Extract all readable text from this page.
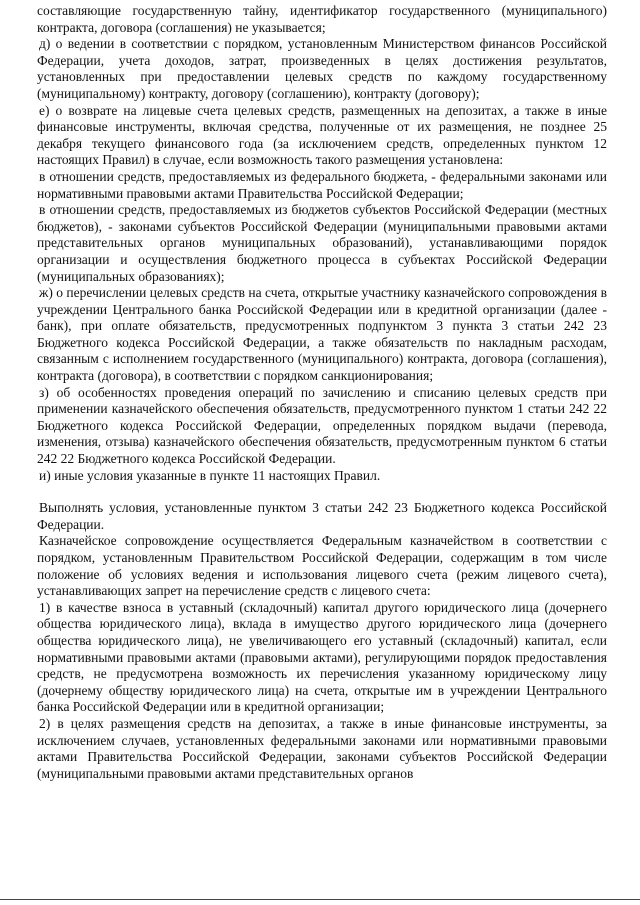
составляющие государственную тайну, идентификатор государственного (муниципального) контракта, договора (соглашения) не указывается;

д) о ведении в соответствии с порядком, установленным Министерством финансов Российской Федерации, учета доходов, затрат, произведенных в целях достижения результатов, установленных при предоставлении целевых средств по каждому государственному (муниципальному) контракту, договору (соглашению), контракту (договору);

е) о возврате на лицевые счета целевых средств, размещенных на депозитах, а также в иные финансовые инструменты, включая средства, полученные от их размещения, не позднее 25 декабря текущего финансового года (за исключением средств, определенных пунктом 12 настоящих Правил) в случае, если возможность такого размещения установлена:

в отношении средств, предоставляемых из федерального бюджета, - федеральными законами или нормативными правовыми актами Правительства Российской Федерации;

в отношении средств, предоставляемых из бюджетов субъектов Российской Федерации (местных бюджетов), - законами субъектов Российской Федерации (муниципальными правовыми актами представительных органов муниципальных образований), устанавливающими порядок организации и осуществления бюджетного процесса в субъектах Российской Федерации (муниципальных образованиях);

ж) о перечислении целевых средств на счета, открытые участнику казначейского сопровождения в учреждении Центрального банка Российской Федерации или в кредитной организации (далее - банк), при оплате обязательств, предусмотренных подпунктом 3 пункта 3 статьи 242 23 Бюджетного кодекса Российской Федерации, а также обязательств по накладным расходам, связанным с исполнением государственного (муниципального) контракта, договора (соглашения), контракта (договора), в соответствии с порядком санкционирования;

з) об особенностях проведения операций по зачислению и списанию целевых средств при применении казначейского обеспечения обязательств, предусмотренного пунктом 1 статьи 242 22 Бюджетного кодекса Российской Федерации, определенных порядком выдачи (перевода, изменения, отзыва) казначейского обеспечения обязательств, предусмотренным пунктом 6 статьи 242 22 Бюджетного кодекса Российской Федерации.

и) иные условия указанные в пункте 11 настоящих Правил.

Выполнять условия, установленные пунктом 3 статьи 242 23 Бюджетного кодекса Российской Федерации.

Казначейское сопровождение осуществляется Федеральным казначейством в соответствии с порядком, установленным Правительством Российской Федерации, содержащим в том числе положение об условиях ведения и использования лицевого счета (режим лицевого счета), устанавливающих запрет на перечисление средств с лицевого счета:

1) в качестве взноса в уставный (складочный) капитал другого юридического лица (дочернего общества юридического лица), вклада в имущество другого юридического лица (дочернего общества юридического лица), не увеличивающего его уставный (складочный) капитал, если нормативными правовыми актами (правовыми актами), регулирующими порядок предоставления средств, не предусмотрена возможность их перечисления указанному юридическому лицу (дочернему обществу юридического лица) на счета, открытые им в учреждении Центрального банка Российской Федерации или в кредитной организации;

2) в целях размещения средств на депозитах, а также в иные финансовые инструменты, за исключением случаев, установленных федеральными законами или нормативными правовыми актами Правительства Российской Федерации, законами субъектов Российской Федерации (муниципальными правовыми актами представительных органов
